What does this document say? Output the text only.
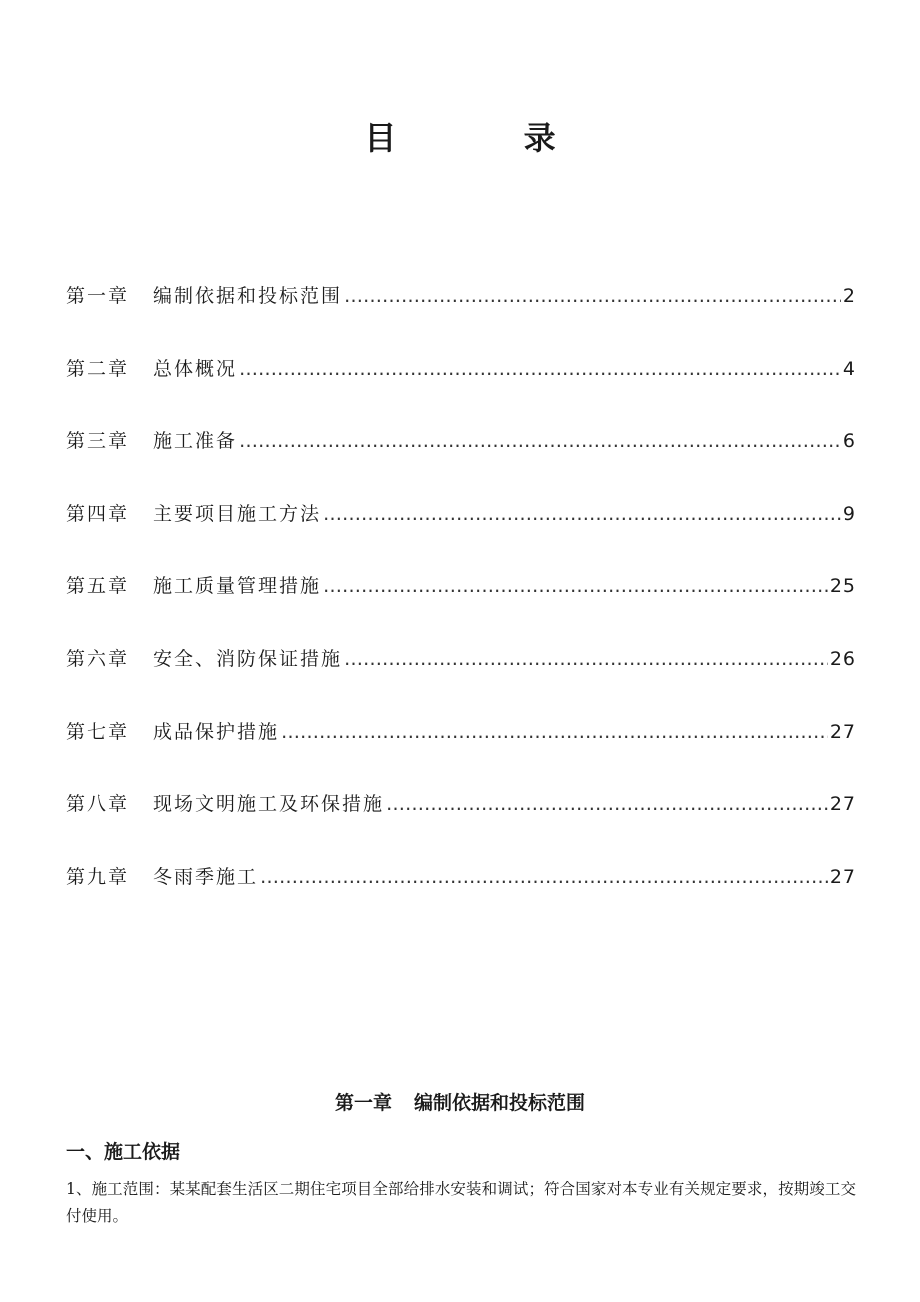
目 录
第一章 编制依据和投标范围 ……………………………………………………………………………………………………………………………………………………	2
第二章 总体概况 ……………………………………………………………………………………………………………………………………………………	4
第三章 施工准备 ……………………………………………………………………………………………………………………………………………………	6
第四章 主要项目施工方法 ……………………………………………………………………………………………………………………………………………………	9
第五章 施工质量管理措施 ……………………………………………………………………………………………………………………………………………………	25
第六章 安全、消防保证措施 ……………………………………………………………………………………………………………………………………………………	26
第七章 成品保护措施 ……………………………………………………………………………………………………………………………………………………	27
第八章 现场文明施工及环保措施 ……………………………………………………………………………………………………………………………………………………	27
第九章 冬雨季施工 ……………………………………………………………………………………………………………………………………………………	27
第一章 编制依据和投标范围
一、施工依据

1、施工范围：某某配套生活区二期住宅项目全部给排水安装和调试；符合国家对本专业有关规定要求，按期竣工交付使用。
